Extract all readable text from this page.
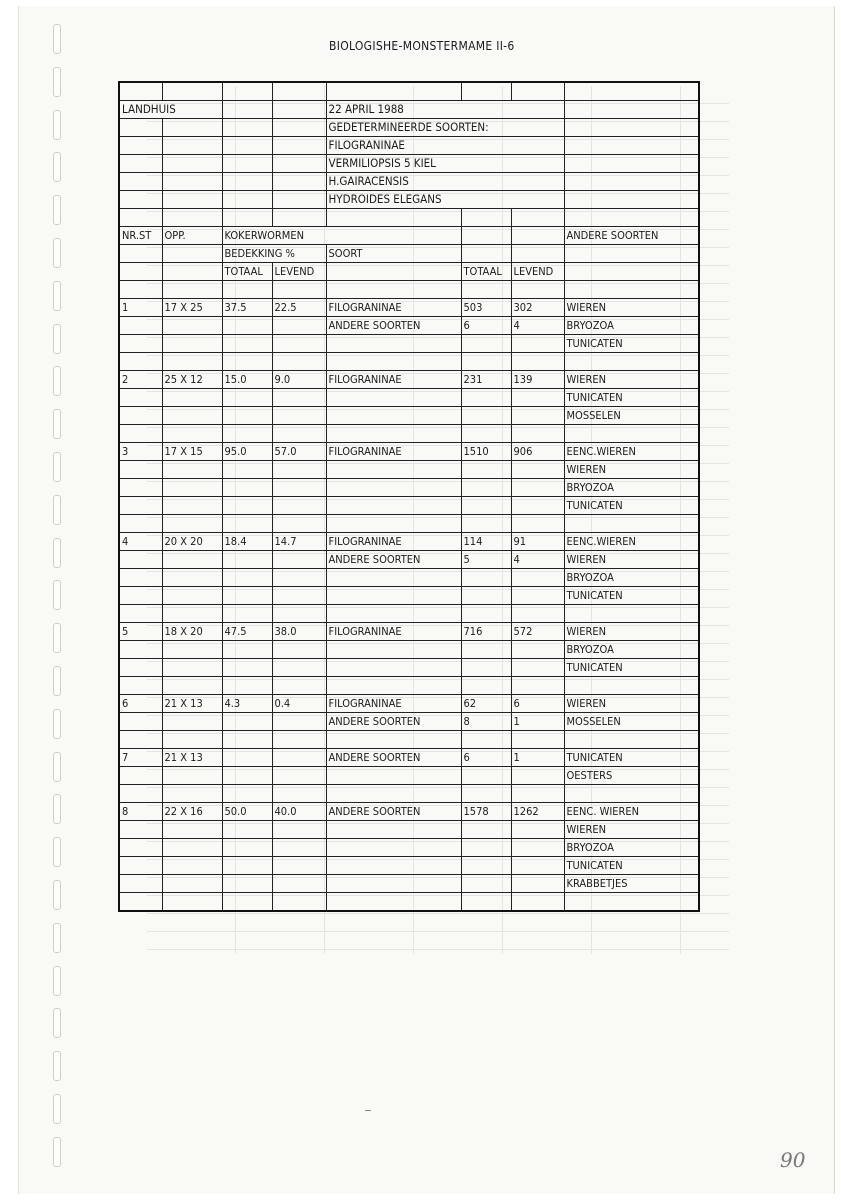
BIOLOGISHE-MONSTERMAME II-6

LANDHUIS				22 APRIL 1988			
				GEDETERMINEERDE SOORTEN:			
				FILOGRANINAE			
				VERMILIOPSIS 5 KIEL			
				H.GAIRACENSIS			
				HYDROIDES ELEGANS			

NR.ST	OPP.	KOKERWORMEN					ANDERE SOORTEN
		BEDEKKING %		SOORT			
		TOTAAL	LEVEND		TOTAAL	LEVEND	

1	17 X 25	37.5	22.5	FILOGRANINAE	503	302	WIEREN
				ANDERE SOORTEN	6	4	BRYOZOA
							TUNICATEN

2	25 X 12	15.0	9.0	FILOGRANINAE	231	139	WIEREN
							TUNICATEN
							MOSSELEN

3	17 X 15	95.0	57.0	FILOGRANINAE	1510	906	EENC.WIEREN
							WIEREN
							BRYOZOA
							TUNICATEN

4	20 X 20	18.4	14.7	FILOGRANINAE	114	91	EENC.WIEREN
				ANDERE SOORTEN	5	4	WIEREN
							BRYOZOA
							TUNICATEN

5	18 X 20	47.5	38.0	FILOGRANINAE	716	572	WIEREN
							BRYOZOA
							TUNICATEN

6	21 X 13	4.3	0.4	FILOGRANINAE	62	6	WIEREN
				ANDERE SOORTEN	8	1	MOSSELEN

7	21 X 13			ANDERE SOORTEN	6	1	TUNICATEN
							OESTERS

8	22 X 16	50.0	40.0	ANDERE SOORTEN	1578	1262	EENC. WIEREN
							WIEREN
							BRYOZOA
							TUNICATEN
							KRABBETJES

90
